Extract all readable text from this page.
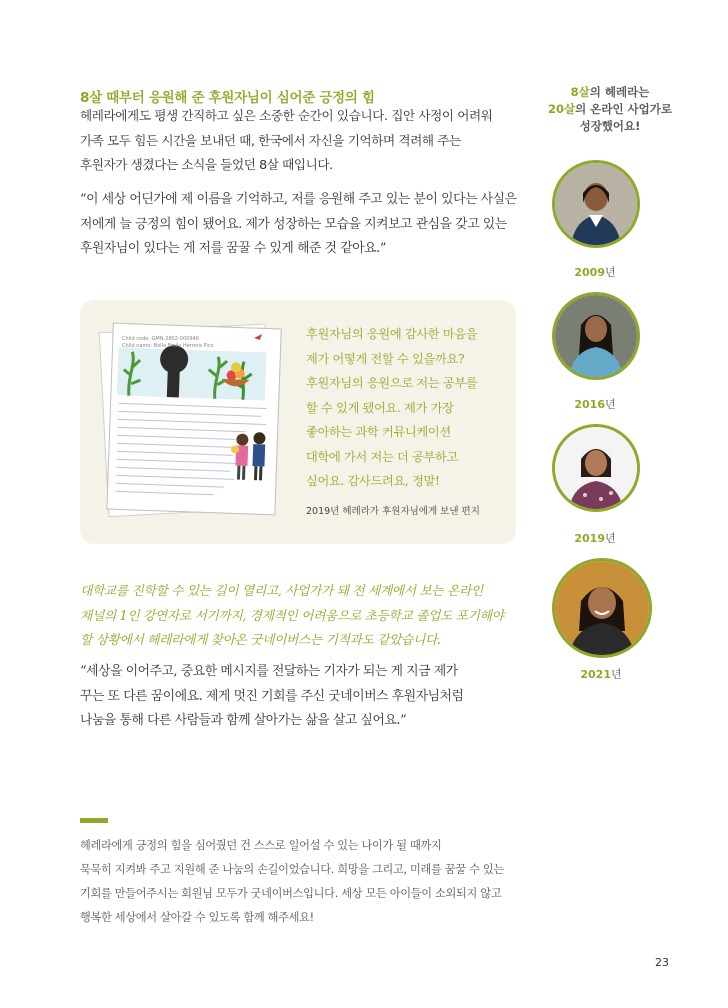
8살 때부터 응원해 준 후원자님이 심어준 긍정의 힘
헤레라에게도 평생 간직하고 싶은 소중한 순간이 있습니다. 집안 사정이 어려워
가족 모두 힘든 시간을 보내던 때, 한국에서 자신을 기억하며 격려해 주는
후원자가 생겼다는 소식을 들었던 8살 때입니다.
“이 세상 어딘가에 제 이름을 기억하고, 저를 응원해 주고 있는 분이 있다는 사실은
저에게 늘 긍정의 힘이 됐어요. 제가 성장하는 모습을 지켜보고 관심을 갖고 있는
후원자님이 있다는 게 저를 꿈꿀 수 있게 해준 것 같아요.”
Child code: GMN-2802-000946
Child name: Bella Emily Herrera Pico
후원자님의 응원에 감사한 마음을
제가 어떻게 전할 수 있을까요?
후원자님의 응원으로 저는 공부를
할 수 있게 됐어요. 제가 가장
좋아하는 과학 커뮤니케이션
대학에 가서 저는 더 공부하고
싶어요. 감사드려요, 정말!
2019년 헤레라가 후원자님에게 보낸 편지
대학교를 진학할 수 있는 길이 열리고, 사업가가 돼 전 세계에서 보는 온라인
채널의 1인 강연자로 서기까지, 경제적인 어려움으로 초등학교 졸업도 포기해야
할 상황에서 헤레라에게 찾아온 굿네이버스는 기적과도 같았습니다.
“세상을 이어주고, 중요한 메시지를 전달하는 기자가 되는 게 지금 제가
꾸는 또 다른 꿈이에요. 제게 멋진 기회를 주신 굿네이버스 후원자님처럼
나눔을 통해 다른 사람들과 함께 살아가는 삶을 살고 싶어요.”
8살의 헤레라는
20살의 온라인 사업가로
성장했어요!
2009년
2016년
2019년
2021년
헤레라에게 긍정의 힘을 심어줬던 건 스스로 일어설 수 있는 나이가 될 때까지
묵묵히 지켜봐 주고 지원해 준 나눔의 손길이었습니다. 희망을 그리고, 미래를 꿈꿀 수 있는
기회를 만들어주시는 회원님 모두가 굿네이버스입니다. 세상 모든 아이들이 소외되지 않고
행복한 세상에서 살아갈 수 있도록 함께 해주세요!
23
